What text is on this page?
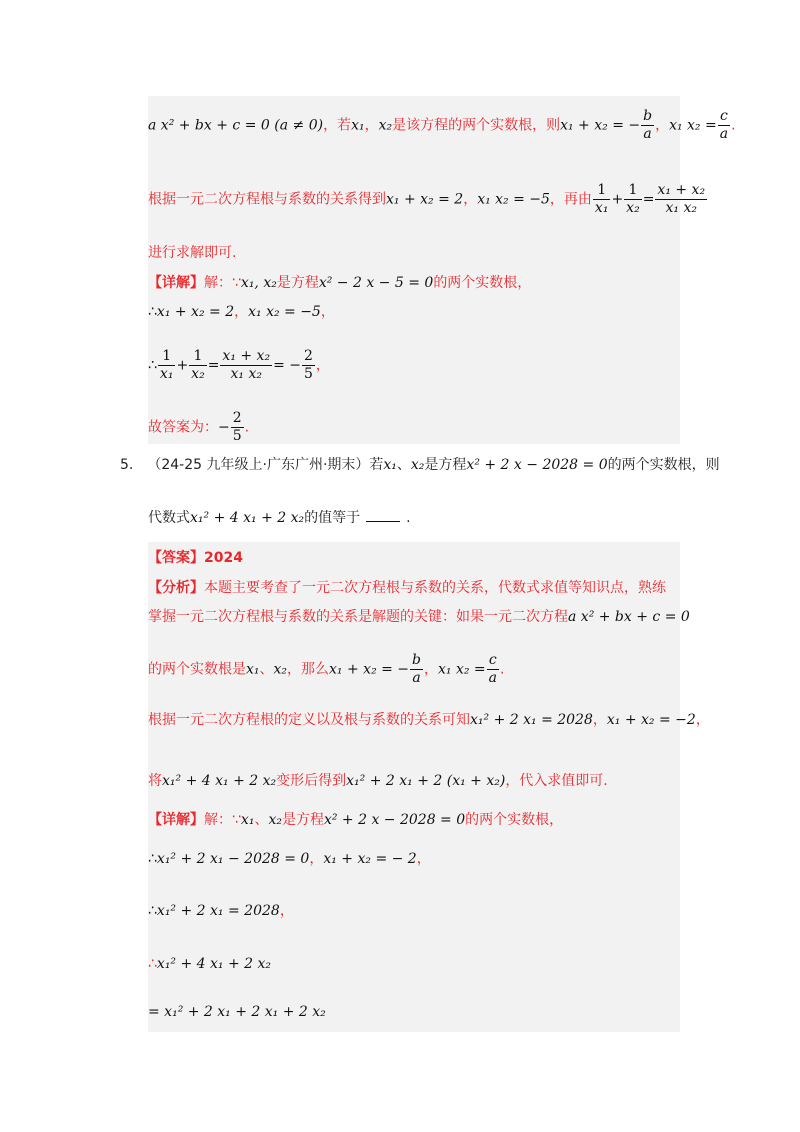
a x² + bx + c = 0 (a ≠ 0)，若x₁，x₂是该方程的两个实数根，则x₁ + x₂ = − $\frac{b}{a}$ ，x₁ $x_2 = \frac{c}{a}$ .
根据一元二次方程根与系数的关系得到x₁ + x₂ = 2，x₁ x₂ = −5，再由 $\frac{1}{\text{x₁}} + \frac{1}{\text{x₂}} = \frac{\text{x₁ + x₂}}{\text{x₁ x₂}}$
进行求解即可.
【详解】解：∵x₁, x₂是方程x² − 2 x − 5 = 0的两个实数根，
∴x₁ + x₂ = 2，x₁ x₂ = −5，
∴ $\frac{1}{\text{x₁}} + \frac{1}{\text{x₂}} = \frac{\text{x₁ + x₂}}{\text{x₁ x₂}}$ = − $\frac{2}{5}$ ，
故答案为：− $\frac{2}{5}$ .
5. （24-25 九年级上·广东广州·期末）若x₁、x₂是方程x² + 2 x − 2028 = 0的两个实数根，则
代数式x₁² + 4 x₁ + 2 x₂的值等于	.
【答案】2024
【分析】本题主要考查了一元二次方程根与系数的关系，代数式求值等知识点，熟练
掌握一元二次方程根与系数的关系是解题的关键：如果一元二次方程a x² + bx + c = 0
的两个实数根是x₁、x₂，那么x₁ + x₂ = − $\frac{b}{a}$ ，x₁ $x_2 = \frac{c}{a}$ .
根据一元二次方程根的定义以及根与系数的关系可知x₁² + 2 x₁ = 2028，x₁ + x₂ = −2，
将x₁² + 4 x₁ + 2 x₂变形后得到x₁² + 2 x₁ + 2 (x₁ + x₂)，代入求值即可.
【详解】解：∵x₁、x₂是方程x² + 2 x − 2028 = 0的两个实数根，
∴x₁² + 2 x₁ − 2028 = 0，x₁ + x₂ = − 2，
∴x₁² + 2 x₁ = 2028，
∴x₁² + 4 x₁ + 2 x₂
= x₁² + 2 x₁ + 2 x₁ + 2 x₂
